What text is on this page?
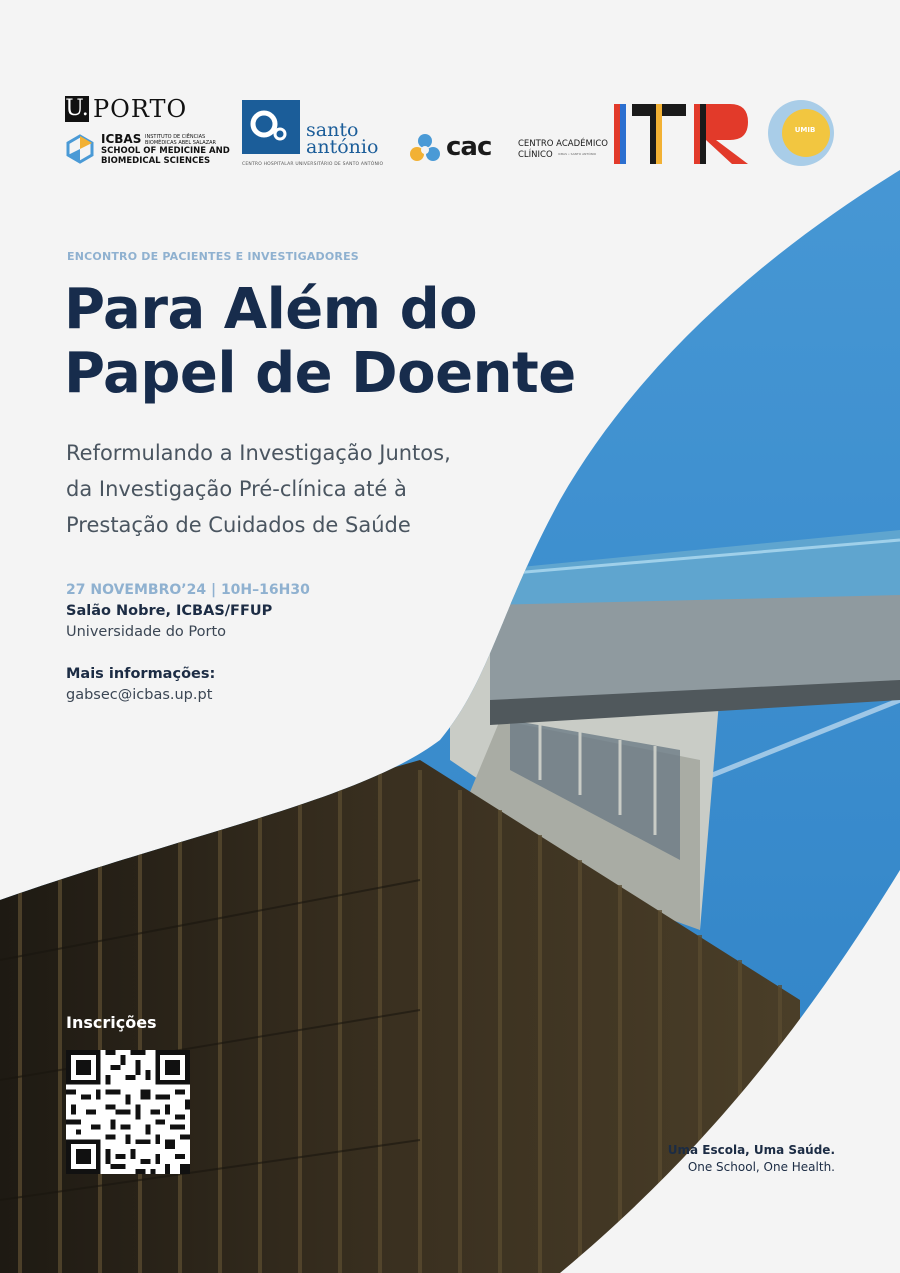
U. PORTO
ICBAS INSTITUTO DE CIÊNCIAS BIOMÉDICAS ABEL SALAZAR
SCHOOL OF MEDICINE AND BIOMEDICAL SCIENCES
santo
antónio
CENTRO HOSPITALAR UNIVERSITÁRIO DE SANTO ANTÓNIO
cac	CENTRO ACADÉMICO
CLÍNICO ICBAS • SANTO ANTÓNIO
UMIB
ENCONTRO DE PACIENTES E INVESTIGADORES
Para Além do
Papel de Doente

Reformulando a Investigação Juntos,
da Investigação Pré-clínica até à
Prestação de Cuidados de Saúde

27 NOVEMBRO’24 | 10H–16H30
Salão Nobre, ICBAS/FFUP
Universidade do Porto
Mais informações:
gabsec@icbas.up.pt
Inscrições
Uma Escola, Uma Saúde.
One School, One Health.
